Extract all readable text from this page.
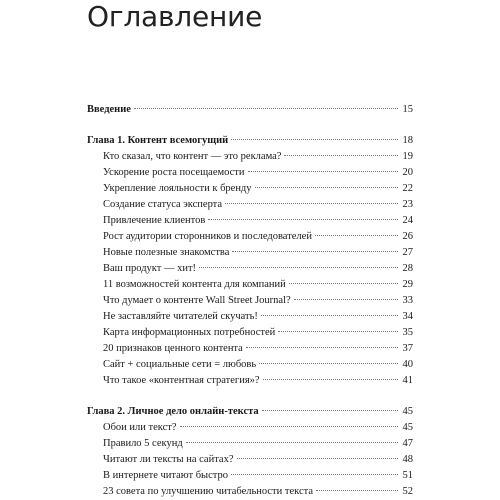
Оглавление
Введение	15
Глава 1. Контент всемогущий	18
Кто сказал, что контент — это реклама?	19
Ускорение роста посещаемости	20
Укрепление лояльности к бренду	22
Создание статуса эксперта	23
Привлечение клиентов	24
Рост аудитории сторонников и последователей	26
Новые полезные знакомства	27
Ваш продукт — хит!	28
11 возможностей контента для компаний	29
Что думает о контенте Wall Street Journal?	33
Не заставляйте читателей скучать!	34
Карта информационных потребностей	35
20 признаков ценного контента	37
Сайт + социальные сети = любовь	40
Что такое «контентная стратегия»?	41
Глава 2. Личное дело онлайн-текста	45
Обои или текст?	45
Правило 5 секунд	47
Читают ли тексты на сайтах?	48
В интернете читают быстро	51
23 совета по улучшению читабельности текста	52
